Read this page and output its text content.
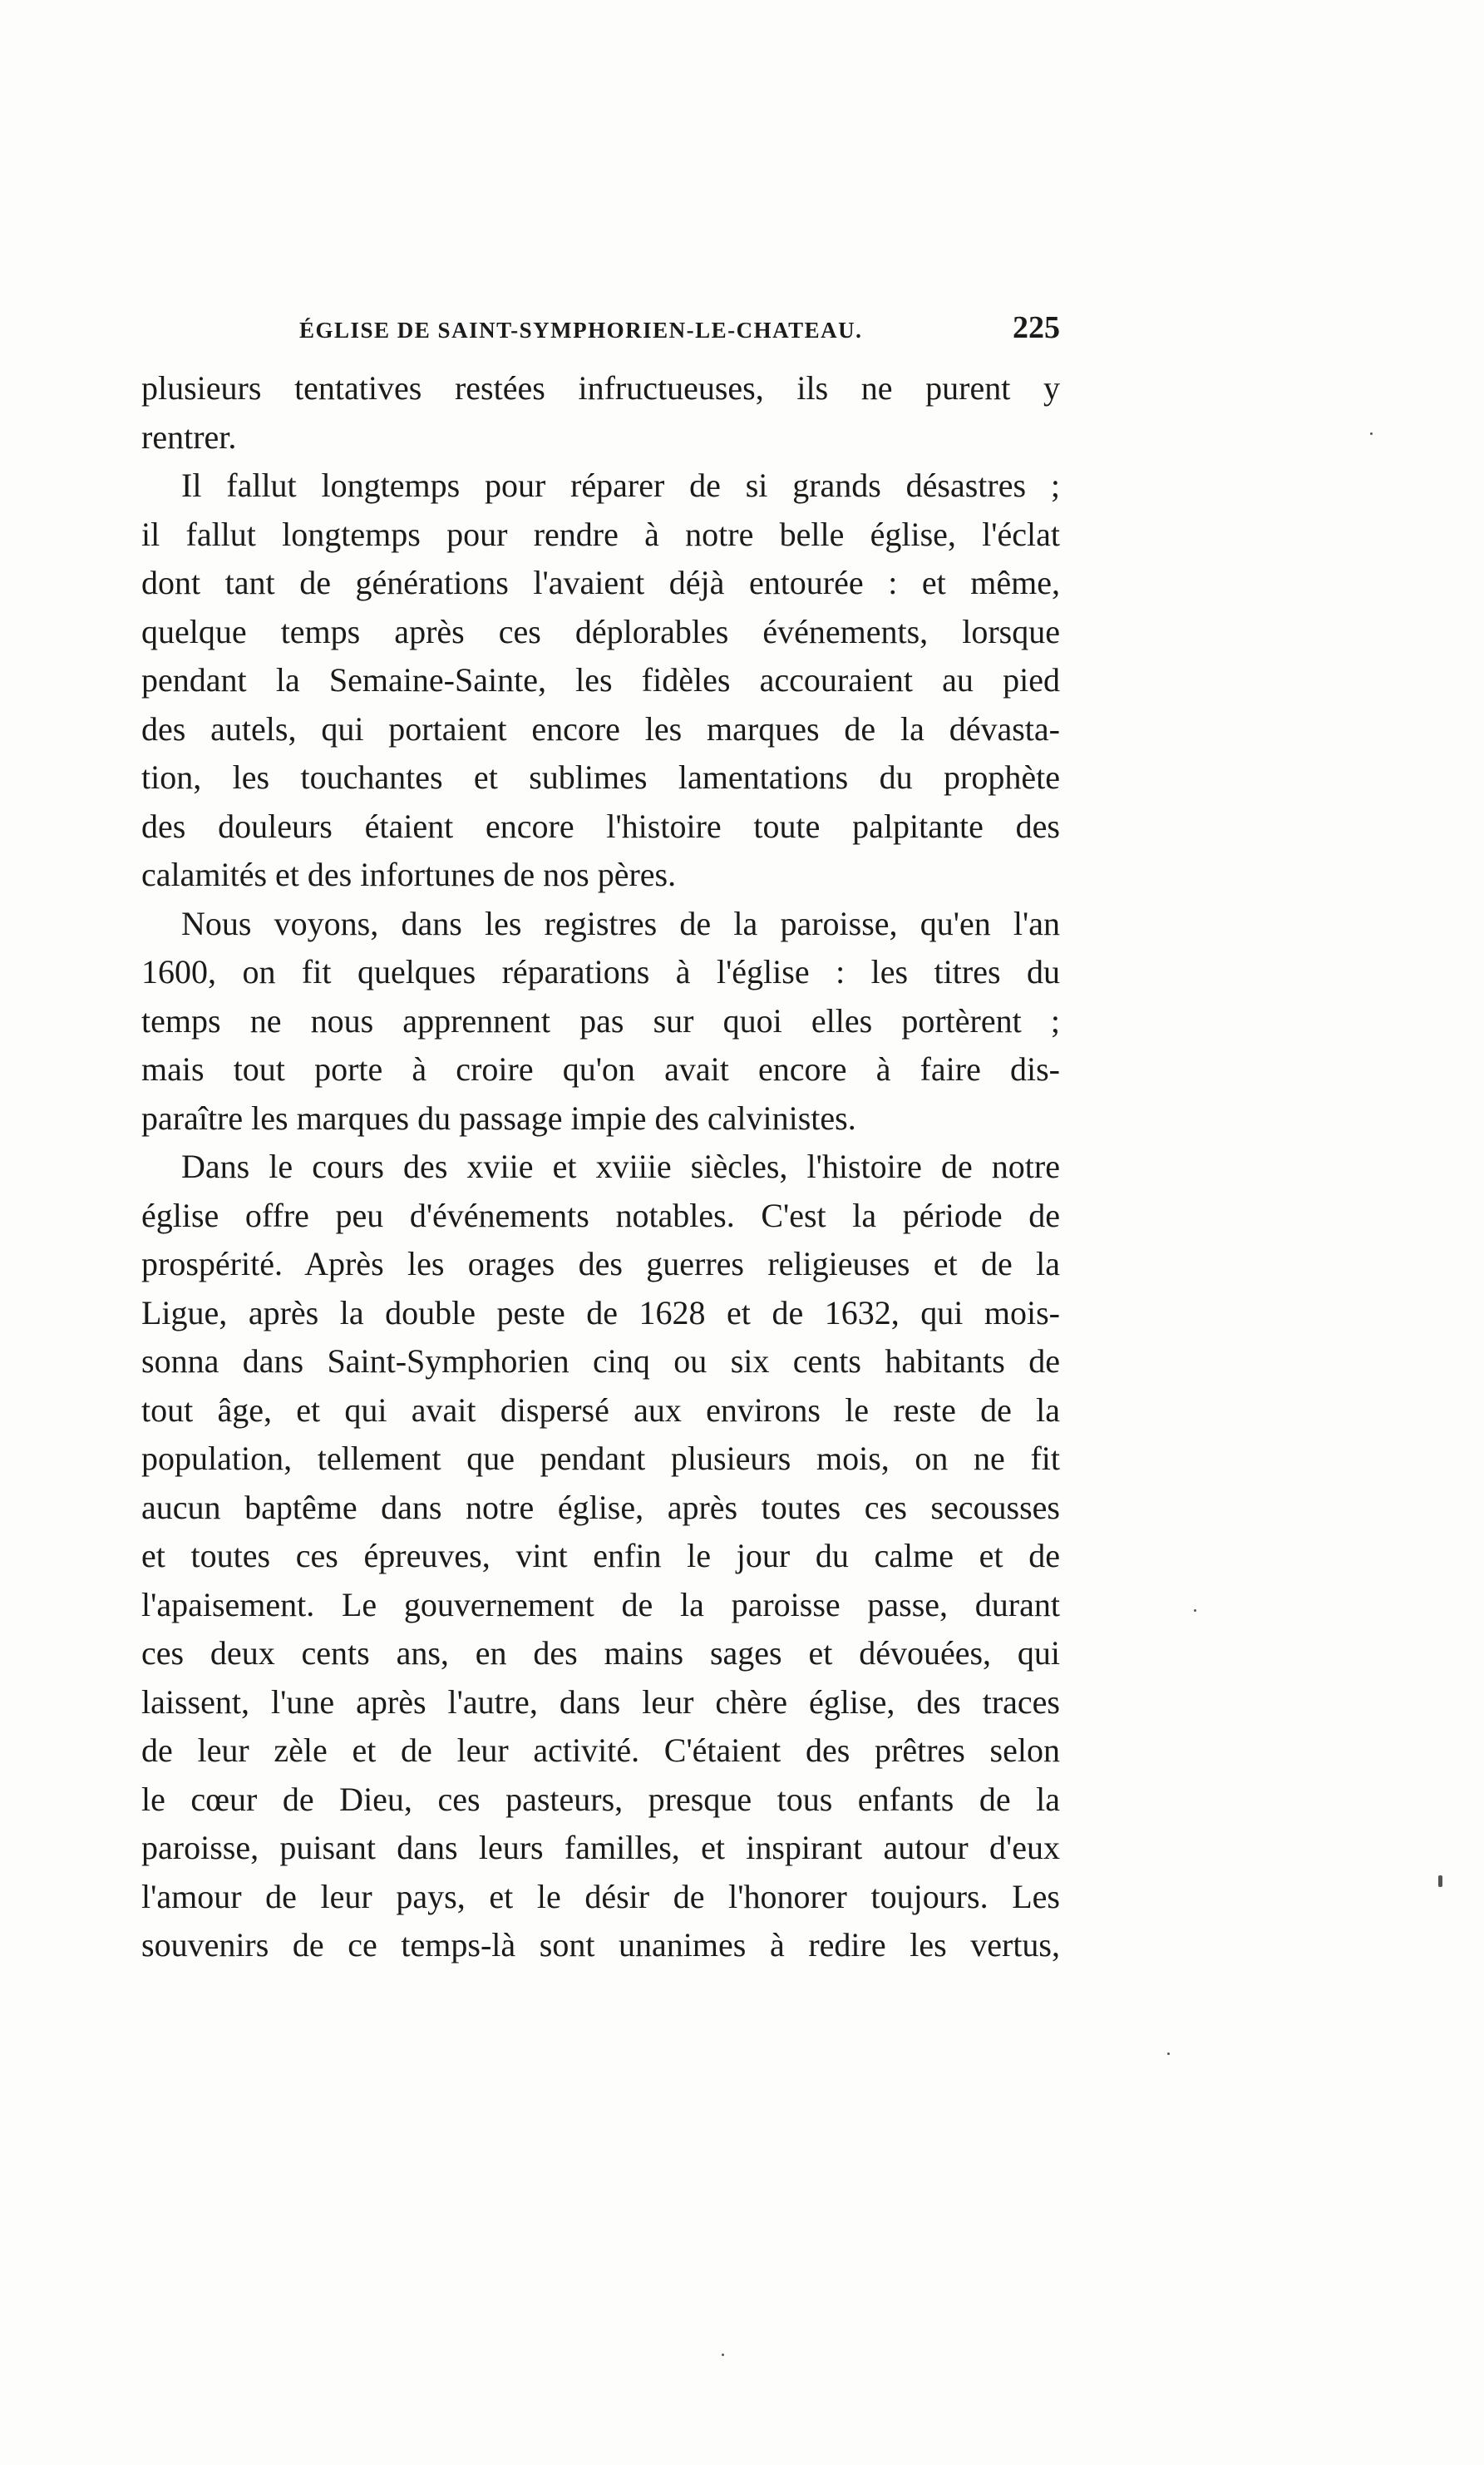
ÉGLISE DE SAINT-SYMPHORIEN-LE-CHATEAU.	225
plusieurs tentatives restées infructueuses, ils ne purent y
rentrer.
Il fallut longtemps pour réparer de si grands désastres ;
il fallut longtemps pour rendre à notre belle église, l'éclat
dont tant de générations l'avaient déjà entourée : et même,
quelque temps après ces déplorables événements, lorsque
pendant la Semaine-Sainte, les fidèles accouraient au pied
des autels, qui portaient encore les marques de la dévasta-
tion, les touchantes et sublimes lamentations du prophète
des douleurs étaient encore l'histoire toute palpitante des
calamités et des infortunes de nos pères.
Nous voyons, dans les registres de la paroisse, qu'en l'an
1600, on fit quelques réparations à l'église : les titres du
temps ne nous apprennent pas sur quoi elles portèrent ;
mais tout porte à croire qu'on avait encore à faire dis-
paraître les marques du passage impie des calvinistes.
Dans le cours des xviie et xviiie siècles, l'histoire de notre
église offre peu d'événements notables. C'est la période de
prospérité. Après les orages des guerres religieuses et de la
Ligue, après la double peste de 1628 et de 1632, qui mois-
sonna dans Saint-Symphorien cinq ou six cents habitants de
tout âge, et qui avait dispersé aux environs le reste de la
population, tellement que pendant plusieurs mois, on ne fit
aucun baptême dans notre église, après toutes ces secousses
et toutes ces épreuves, vint enfin le jour du calme et de
l'apaisement. Le gouvernement de la paroisse passe, durant
ces deux cents ans, en des mains sages et dévouées, qui
laissent, l'une après l'autre, dans leur chère église, des traces
de leur zèle et de leur activité. C'étaient des prêtres selon
le cœur de Dieu, ces pasteurs, presque tous enfants de la
paroisse, puisant dans leurs familles, et inspirant autour d'eux
l'amour de leur pays, et le désir de l'honorer toujours. Les
souvenirs de ce temps-là sont unanimes à redire les vertus,
